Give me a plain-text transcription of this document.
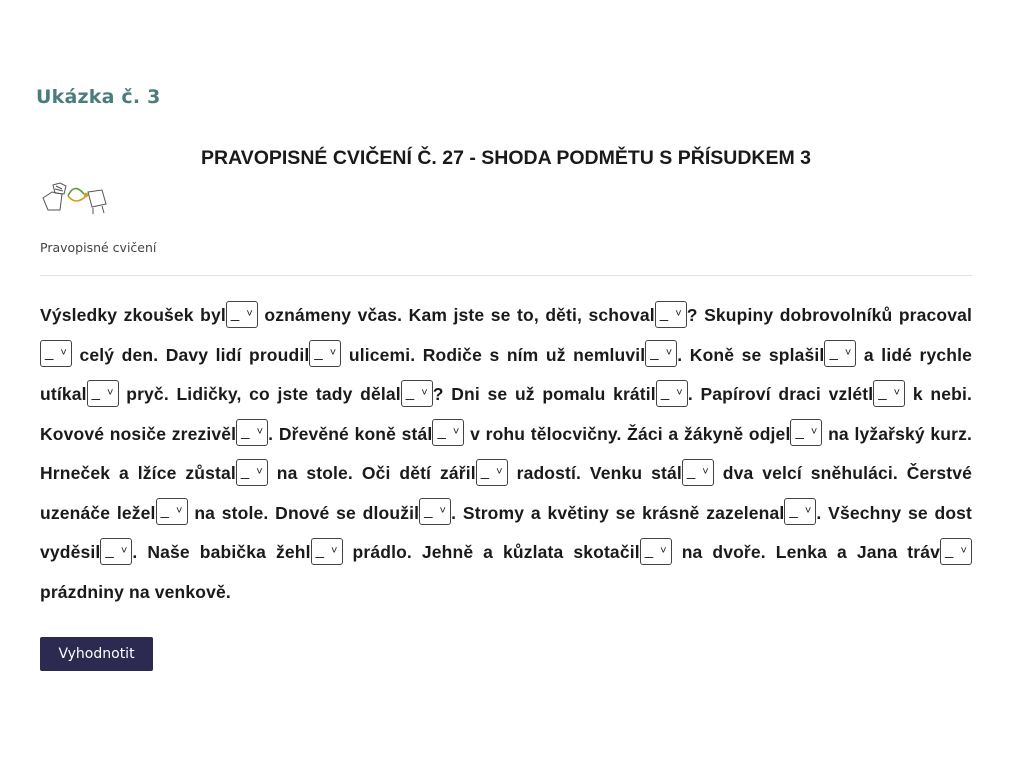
Ukázka č. 3
PRAVOPISNÉ CVIČENÍ Č. 27 - SHODA PODMĚTU S PŘÍSUDKEM 3
Pravopisné cvičení
Výsledky zkoušek byl _ ˅ oznámeny včas. Kam jste se to, děti, schoval _ ˅ ? Skupiny dobrovolníků pracoval
_ ˅ celý den. Davy lidí proudil _ ˅ ulicemi. Rodiče s ním už nemluvil _ ˅ . Koně se splašil _ ˅ a lidé rychle utíkal _ ˅ pryč. Lidičky, co jste tady dělal _ ˅ ? Dni se už pomalu krátil _ ˅ . Papíroví draci vzlétl _ ˅ k nebi. Kovové nosiče zrezivěl _ ˅ . Dřevěné koně stál _ ˅ v rohu tělocvičny. Žáci a žákyně odjel _ ˅ na lyžařský kurz. Hrneček a lžíce zůstal _ ˅ na stole. Oči dětí zářil _ ˅ radostí. Venku stál _ ˅ dva velcí sněhuláci. Čerstvé uzenáče ležel _ ˅ na stole. Dnové se dloužil _ ˅ . Stromy a květiny se krásně zazelenal _ ˅ . Všechny se dost vyděsil _ ˅ . Naše babička žehl _ ˅ prádlo. Jehně a kůzlata skotačil _ ˅ na dvoře. Lenka a Jana tráv _ ˅
prázdniny na venkově.
Vyhodnotit
